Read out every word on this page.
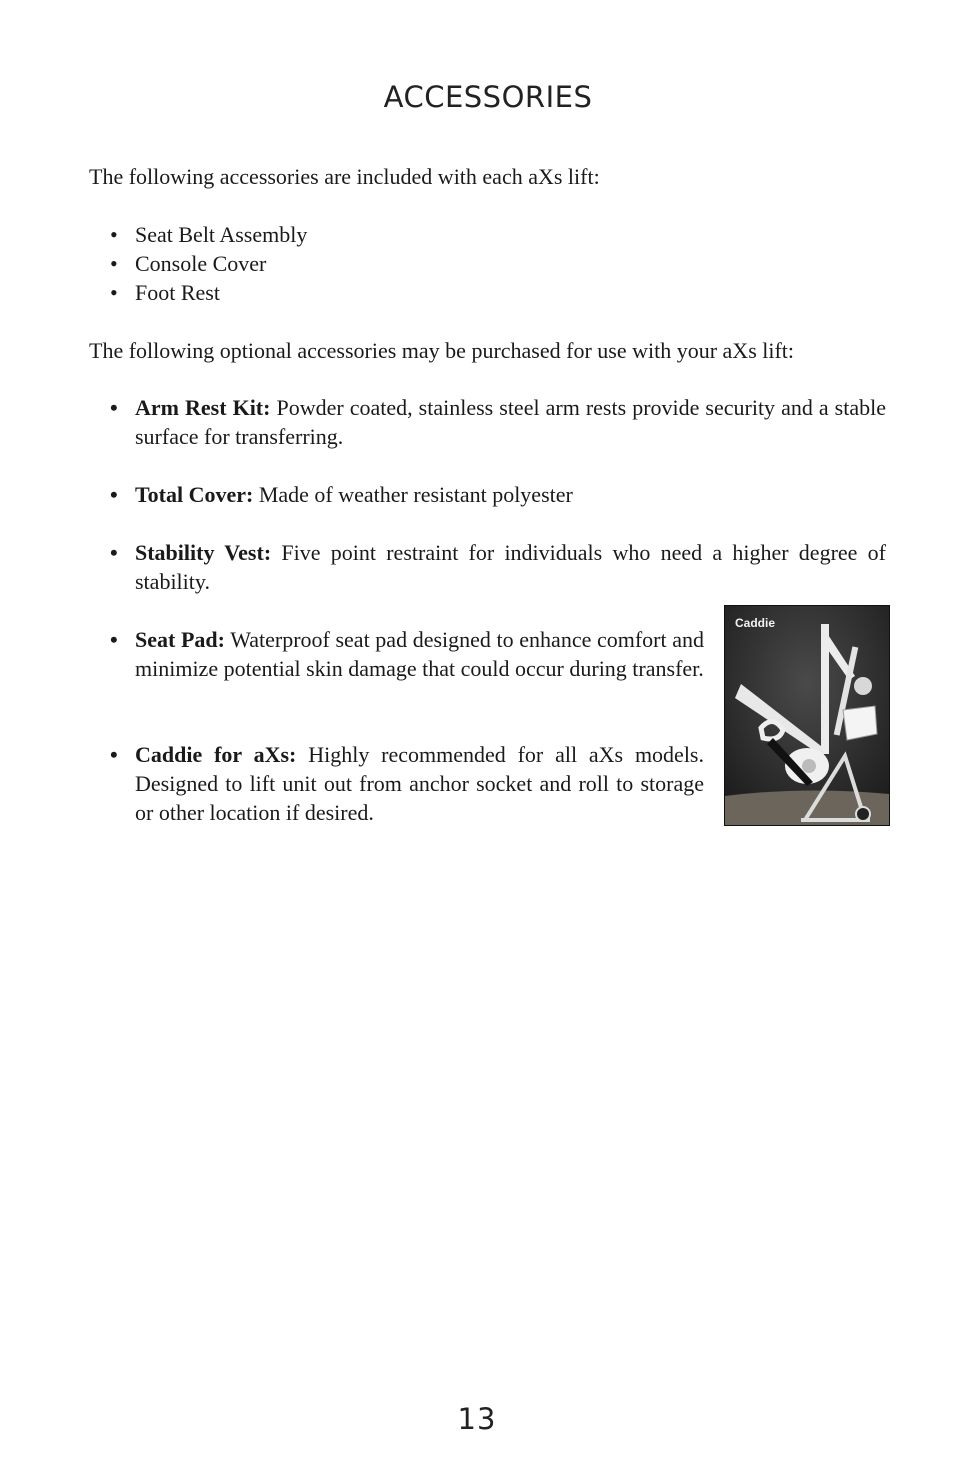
ACCESSORIES
The following accessories are included with each aXs lift:
• Seat Belt Assembly
• Console Cover
• Foot Rest
The following optional accessories may be purchased for use with your aXs lift:
• Arm Rest Kit: Powder coated, stainless steel arm rests provide security and a stable surface for transferring.
• Total Cover: Made of weather resistant polyester
• Stability Vest: Five point restraint for individuals who need a higher degree of stability.
• Seat Pad: Waterproof seat pad designed to enhance comfort and minimize potential skin damage that could occur during transfer.
• Caddie for aXs: Highly recommended for all aXs models. Designed to lift unit out from anchor socket and roll to storage or other location if desired.
Caddie
13
